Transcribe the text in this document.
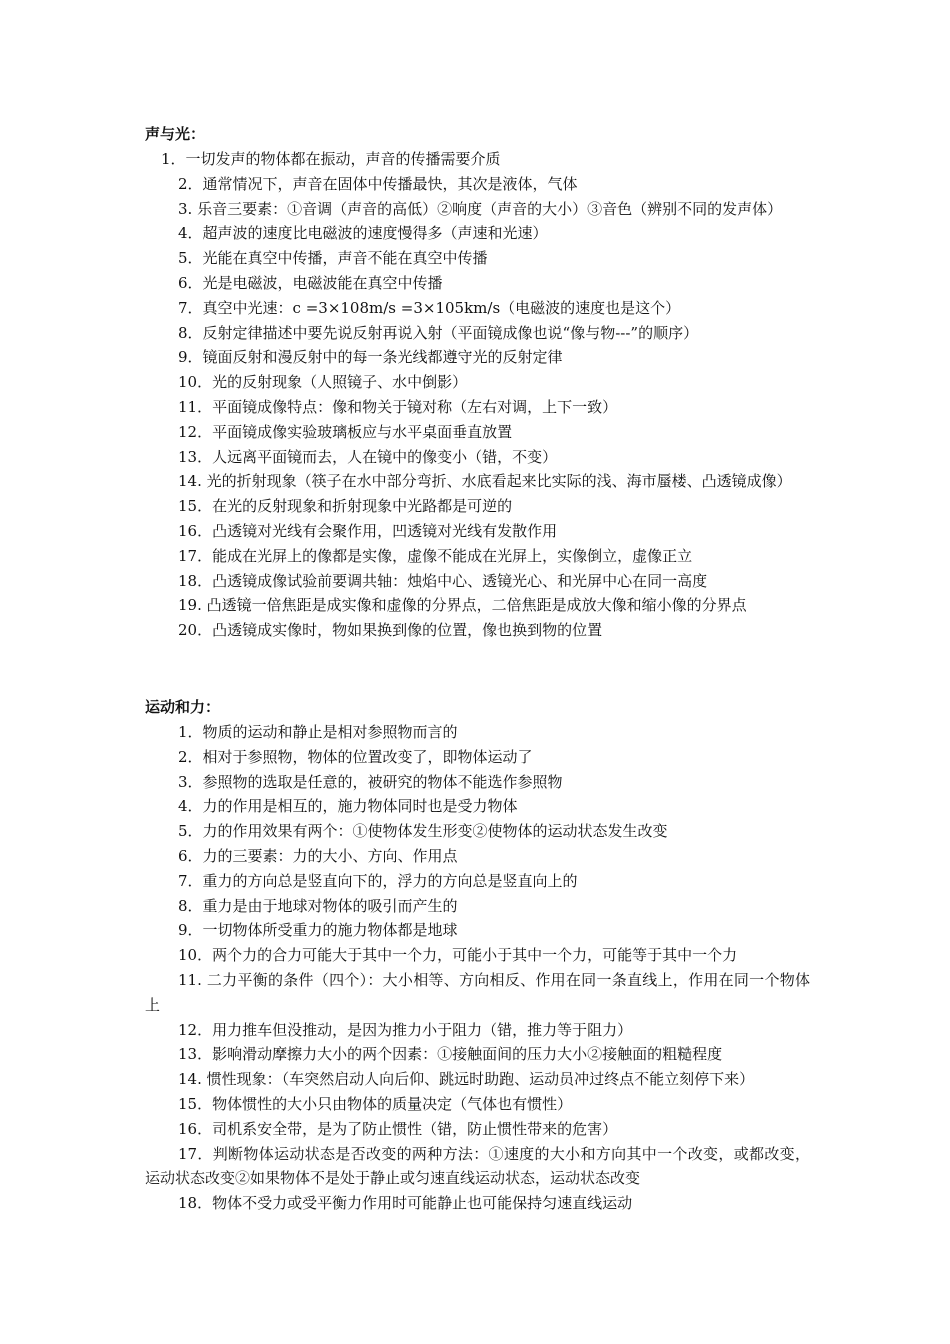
声与光：

1．一切发声的物体都在振动，声音的传播需要介质

2．通常情况下，声音在固体中传播最快，其次是液体，气体

3. 乐音三要素：①音调（声音的高低）②响度（声音的大小）③音色（辨别不同的发声体）

4．超声波的速度比电磁波的速度慢得多（声速和光速）

5．光能在真空中传播，声音不能在真空中传播

6．光是电磁波，电磁波能在真空中传播

7．真空中光速：c =3×108m/s =3×105km/s（电磁波的速度也是这个）

8．反射定律描述中要先说反射再说入射（平面镜成像也说“像与物---”的顺序）

9．镜面反射和漫反射中的每一条光线都遵守光的反射定律

10．光的反射现象（人照镜子、水中倒影）

11．平面镜成像特点：像和物关于镜对称（左右对调，上下一致）

12．平面镜成像实验玻璃板应与水平桌面垂直放置

13．人远离平面镜而去，人在镜中的像变小（错，不变）

14. 光的折射现象（筷子在水中部分弯折、水底看起来比实际的浅、海市蜃楼、凸透镜成像）

15．在光的反射现象和折射现象中光路都是可逆的

16．凸透镜对光线有会聚作用，凹透镜对光线有发散作用

17．能成在光屏上的像都是实像，虚像不能成在光屏上，实像倒立，虚像正立

18．凸透镜成像试验前要调共轴：烛焰中心、透镜光心、和光屏中心在同一高度

19. 凸透镜一倍焦距是成实像和虚像的分界点，二倍焦距是成放大像和缩小像的分界点

20．凸透镜成实像时，物如果换到像的位置，像也换到物的位置

运动和力：

1．物质的运动和静止是相对参照物而言的

2．相对于参照物，物体的位置改变了，即物体运动了

3．参照物的选取是任意的，被研究的物体不能选作参照物

4．力的作用是相互的，施力物体同时也是受力物体

5．力的作用效果有两个：①使物体发生形变②使物体的运动状态发生改变

6．力的三要素：力的大小、方向、作用点

7．重力的方向总是竖直向下的，浮力的方向总是竖直向上的

8．重力是由于地球对物体的吸引而产生的

9．一切物体所受重力的施力物体都是地球

10．两个力的合力可能大于其中一个力，可能小于其中一个力，可能等于其中一个力

11. 二力平衡的条件（四个）：大小相等、方向相反、作用在同一条直线上，作用在同一个物体上

12．用力推车但没推动，是因为推力小于阻力（错，推力等于阻力）

13．影响滑动摩擦力大小的两个因素：①接触面间的压力大小②接触面的粗糙程度

14. 惯性现象：（车突然启动人向后仰、跳远时助跑、运动员冲过终点不能立刻停下来）

15．物体惯性的大小只由物体的质量决定（气体也有惯性）

16．司机系安全带，是为了防止惯性（错，防止惯性带来的危害）

17．判断物体运动状态是否改变的两种方法：①速度的大小和方向其中一个改变，或都改变，运动状态改变②如果物体不是处于静止或匀速直线运动状态，运动状态改变

18．物体不受力或受平衡力作用时可能静止也可能保持匀速直线运动
